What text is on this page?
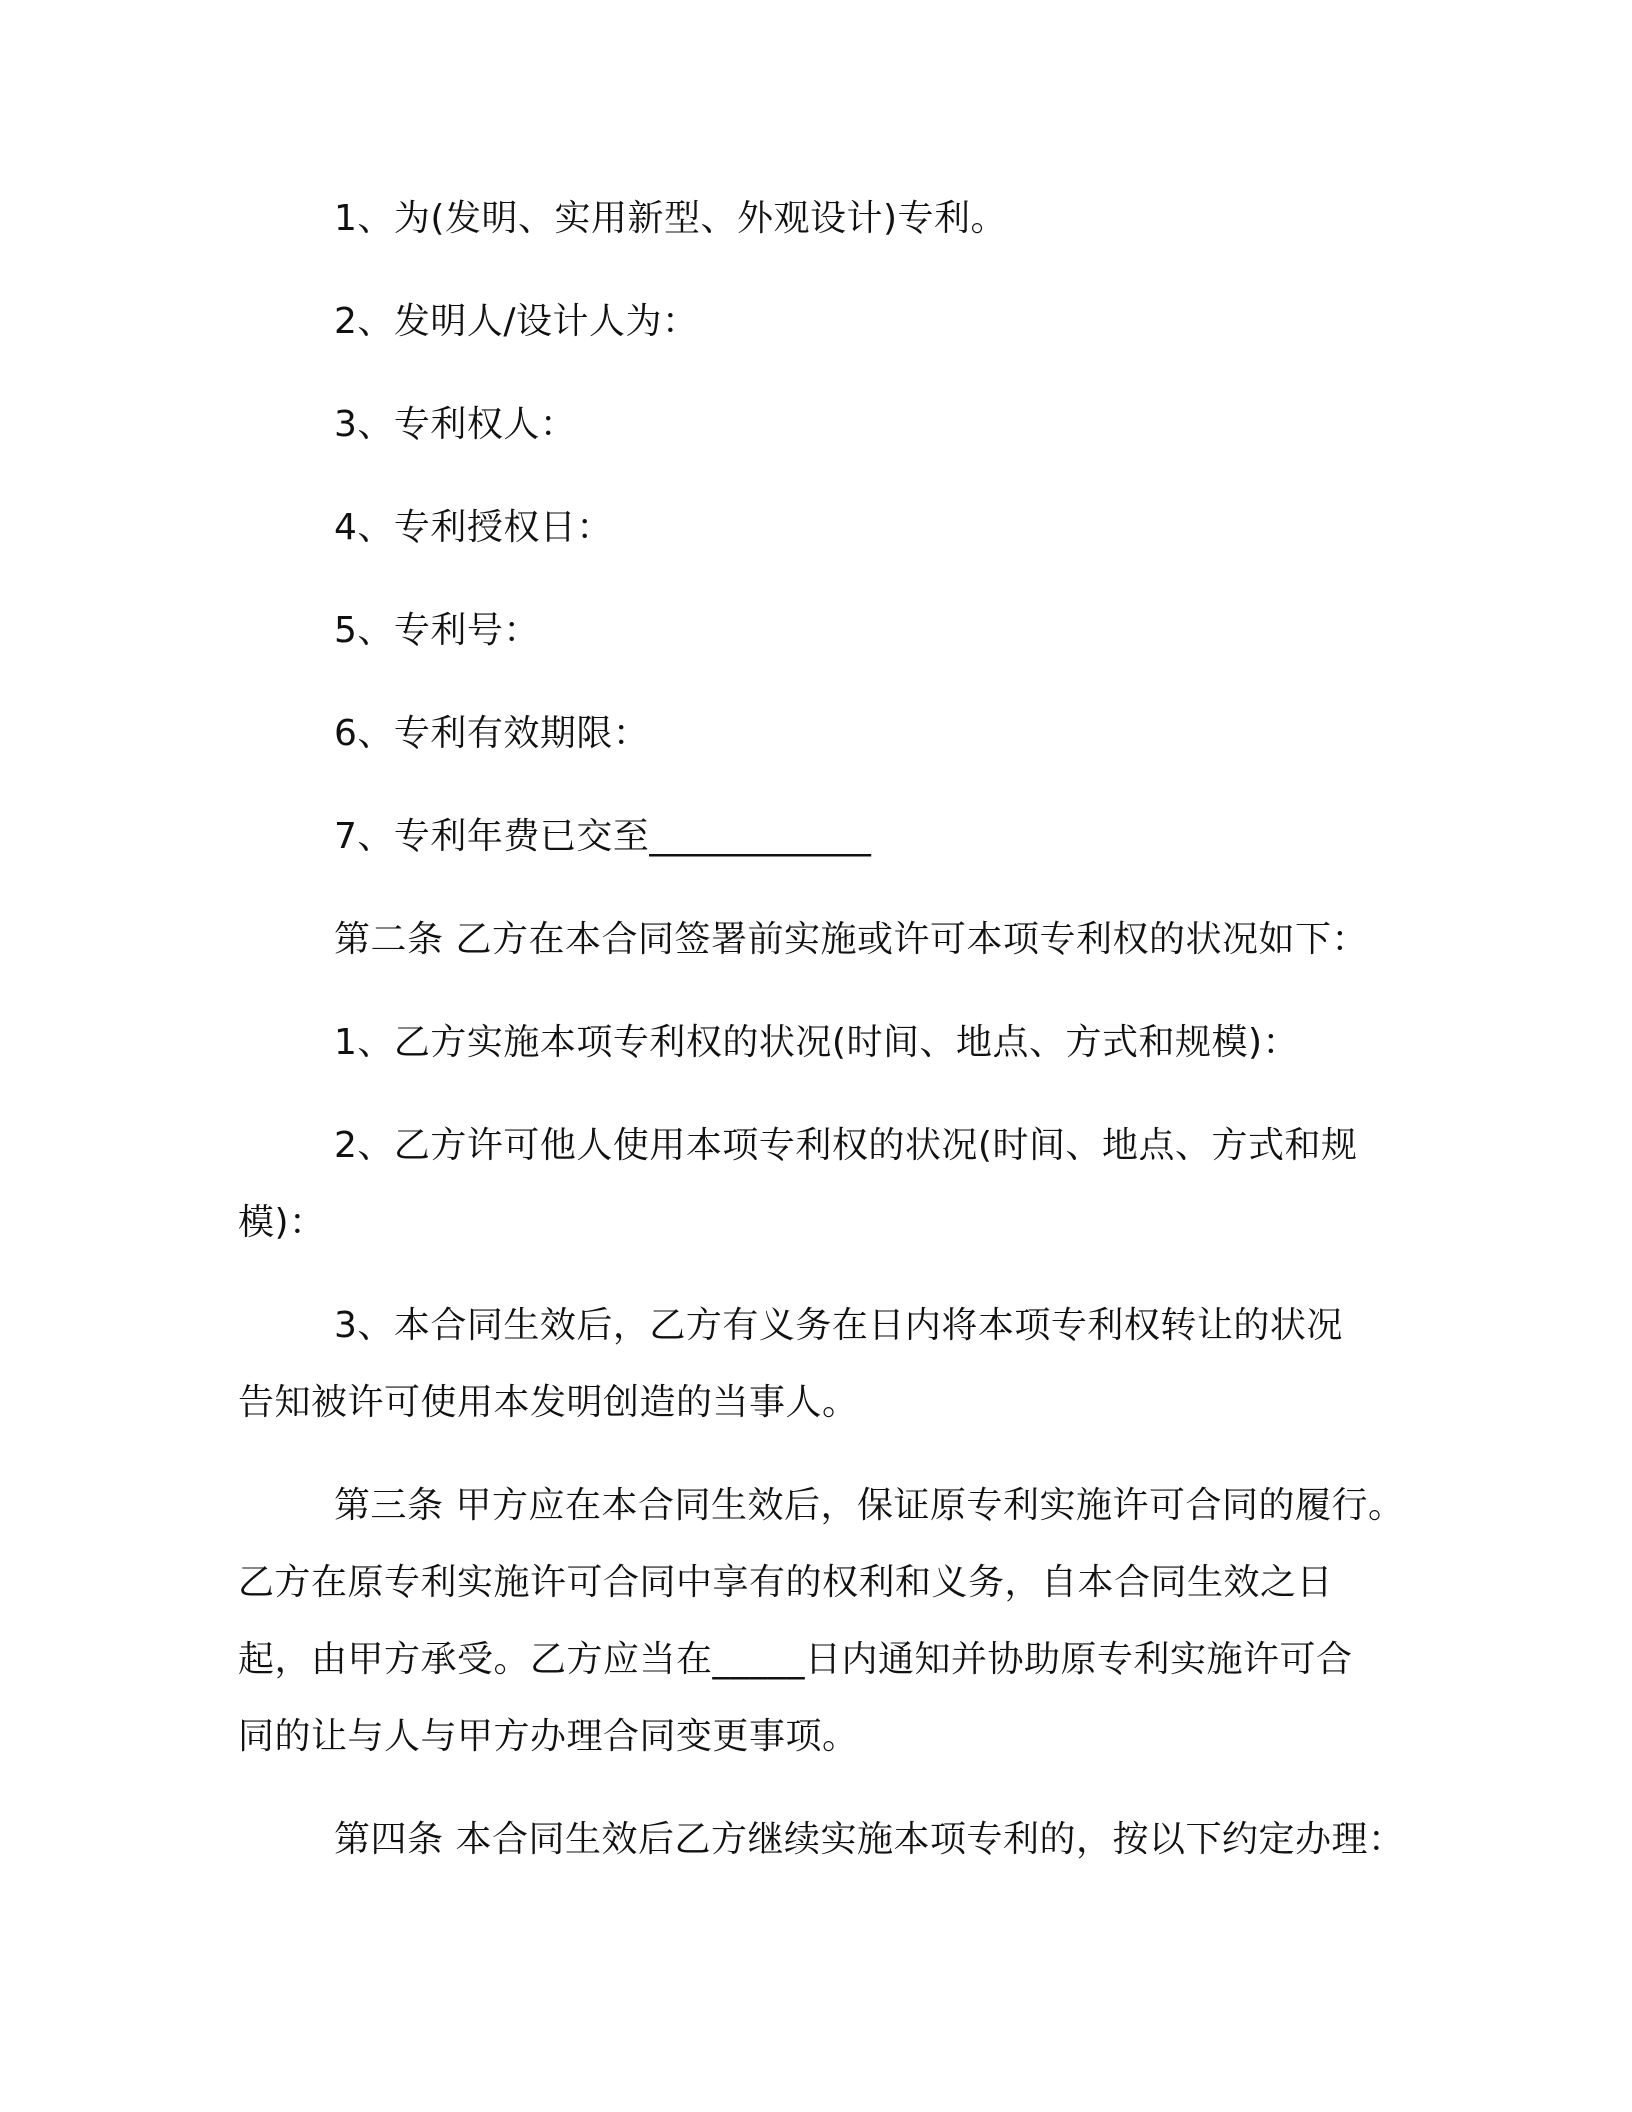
1、为(发明、实用新型、外观设计)专利。
2、发明人/设计人为：
3、专利权人：
4、专利授权日：
5、专利号：
6、专利有效期限：
7、专利年费已交至____________
第二条 乙方在本合同签署前实施或许可本项专利权的状况如下：
1、乙方实施本项专利权的状况(时间、地点、方式和规模)：
2、乙方许可他人使用本项专利权的状况(时间、地点、方式和规
模)：
3、本合同生效后，乙方有义务在日内将本项专利权转让的状况
告知被许可使用本发明创造的当事人。
第三条 甲方应在本合同生效后，保证原专利实施许可合同的履行。
乙方在原专利实施许可合同中享有的权利和义务，自本合同生效之日
起，由甲方承受。乙方应当在_____日内通知并协助原专利实施许可合
同的让与人与甲方办理合同变更事项。
第四条 本合同生效后乙方继续实施本项专利的，按以下约定办理：
